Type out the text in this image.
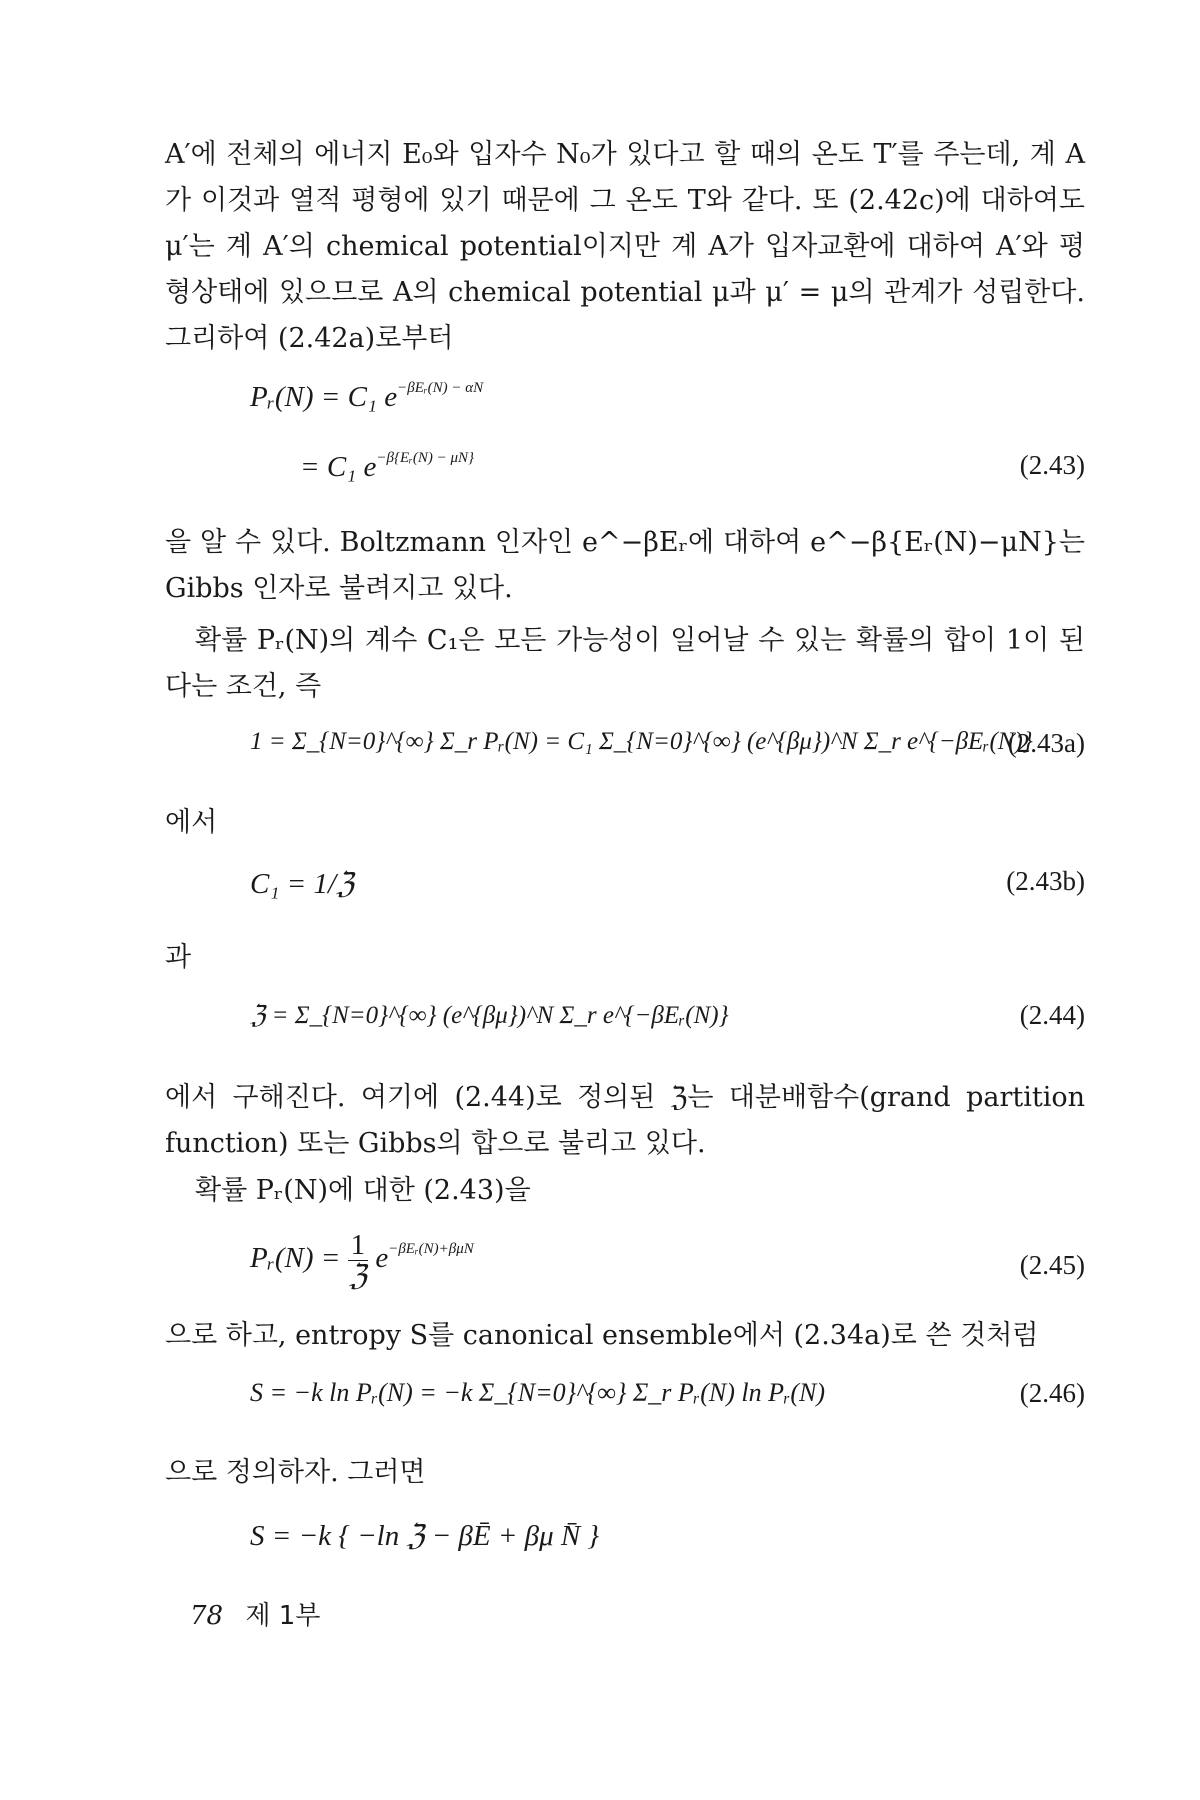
A′에 전체의 에너지 E₀와 입자수 N₀가 있다고 할 때의 온도 T′를 주는데, 계 A가 이것과 열적 평형에 있기 때문에 그 온도 T와 같다. 또 (2.42c)에 대하여도 μ′는 계 A′의 chemical potential이지만 계 A가 입자교환에 대하여 A′와 평형상태에 있으므로 A의 chemical potential μ과 μ′ = μ의 관계가 성립한다. 그리하여 (2.42a)로부터

Pᵣ(N) = C₁ $e^{-\beta Eᵣ(N) - \alpha N}$
= C₁ $e^{-\beta\{Eᵣ(N) - \mu N\}}$	(2.43)

을 알 수 있다. Boltzmann 인자인 e^−βEᵣ에 대하여 e^−β{Eᵣ(N)−μN}는 Gibbs 인자로 불려지고 있다.

확률 Pᵣ(N)의 계수 C₁은 모든 가능성이 일어날 수 있는 확률의 합이 1이 된다는 조건, 즉

1 = Σ_{N=0}^{∞} Σ_r Pᵣ(N) = C₁ Σ_{N=0}^{∞} (e^{βμ})^N Σ_r e^{−βEᵣ(N)}
(2.43a)

에서

C₁ = 1/ℨ	(2.43b)

과

ℨ = Σ_{N=0}^{∞} (e^{βμ})^N Σ_r e^{−βEᵣ(N)}	(2.44)

에서 구해진다. 여기에 (2.44)로 정의된 ℨ는 대분배함수(grand partition function) 또는 Gibbs의 합으로 불리고 있다.

확률 Pᵣ(N)에 대한 (2.43)을

Pᵣ(N) = $\frac{1}{\text{ℨ}} e^{-\beta Eᵣ(N)+\beta\mu N}$
(2.45)

으로 하고, entropy S를 canonical ensemble에서 (2.34a)로 쓴 것처럼

S = −k ln Pᵣ(N) = −k Σ_{N=0}^{∞} Σ_r Pᵣ(N) ln Pᵣ(N)	(2.46)

으로 정의하자. 그러면

S = −k { −ln ℨ − βĒ + βμ N̄ }
78 제 1부
